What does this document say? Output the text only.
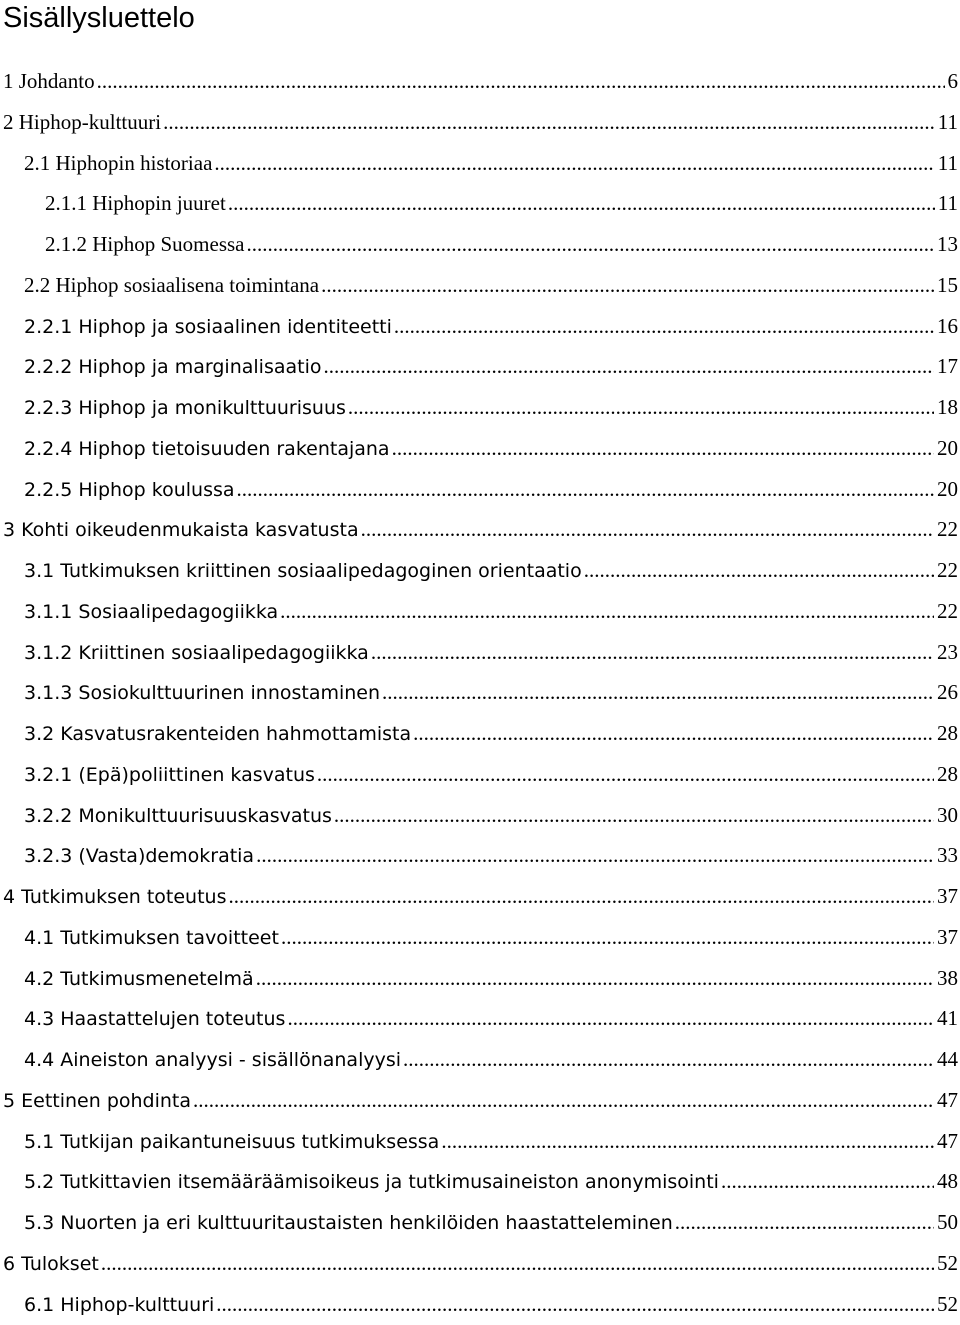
Sisällysluettelo
1 Johdanto .....	6
2 Hiphop-kulttuuri .....	11
2.1 Hiphopin historiaa .....	11
2.1.1 Hiphopin juuret .....	11
2.1.2 Hiphop Suomessa .....	13
2.2 Hiphop sosiaalisena toimintana .....	15
2.2.1 Hiphop ja sosiaalinen identiteetti .....	16
2.2.2 Hiphop ja marginalisaatio .....	17
2.2.3 Hiphop ja monikulttuurisuus .....	18
2.2.4 Hiphop tietoisuuden rakentajana .....	20
2.2.5 Hiphop koulussa .....	20
3 Kohti oikeudenmukaista kasvatusta .....	22
3.1 Tutkimuksen kriittinen sosiaalipedagoginen orientaatio .....	22
3.1.1 Sosiaalipedagogiikka .....	22
3.1.2 Kriittinen sosiaalipedagogiikka .....	23
3.1.3 Sosiokulttuurinen innostaminen .....	26
3.2 Kasvatusrakenteiden hahmottamista .....	28
3.2.1 (Epä)poliittinen kasvatus .....	28
3.2.2 Monikulttuurisuuskasvatus .....	30
3.2.3 (Vasta)demokratia .....	33
4 Tutkimuksen toteutus .....	37
4.1 Tutkimuksen tavoitteet .....	37
4.2 Tutkimusmenetelmä .....	38
4.3 Haastattelujen toteutus .....	41
4.4 Aineiston analyysi - sisällönanalyysi .....	44
5 Eettinen pohdinta .....	47
5.1 Tutkijan paikantuneisuus tutkimuksessa .....	47
5.2 Tutkittavien itsemääräämisoikeus ja tutkimusaineiston anonymisointi .....	48
5.3 Nuorten ja eri kulttuuritaustaisten henkilöiden haastatteleminen .....	50
6 Tulokset .....	52
6.1 Hiphop-kulttuuri .....	52
